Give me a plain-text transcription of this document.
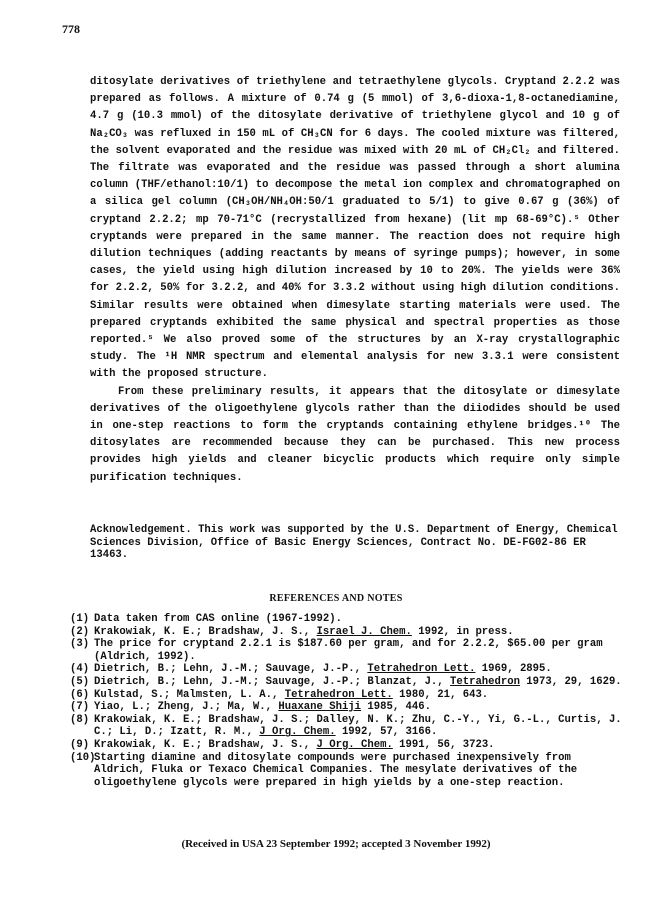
778

ditosylate derivatives of triethylene and tetraethylene glycols. Cryptand 2.2.2 was prepared as follows. A mixture of 0.74 g (5 mmol) of 3,6-dioxa-1,8-octanediamine, 4.7 g (10.3 mmol) of the ditosylate derivative of triethylene glycol and 10 g of Na₂CO₃ was refluxed in 150 mL of CH₃CN for 6 days. The cooled mixture was filtered, the solvent evaporated and the residue was mixed with 20 mL of CH₂Cl₂ and filtered. The filtrate was evaporated and the residue was passed through a short alumina column (THF/ethanol:10/1) to decompose the metal ion complex and chromatographed on a silica gel column (CH₃OH/NH₄OH:50/1 graduated to 5/1) to give 0.67 g (36%) of cryptand 2.2.2; mp 70-71°C (recrystallized from hexane) (lit mp 68-69°C).⁵ Other cryptands were prepared in the same manner. The reaction does not require high dilution techniques (adding reactants by means of syringe pumps); however, in some cases, the yield using high dilution increased by 10 to 20%. The yields were 36% for 2.2.2, 50% for 3.2.2, and 40% for 3.3.2 without using high dilution conditions. Similar results were obtained when dimesylate starting materials were used. The prepared cryptands exhibited the same physical and spectral properties as those reported.⁵ We also proved some of the structures by an X-ray crystallographic study. The ¹H NMR spectrum and elemental analysis for new 3.3.1 were consistent with the proposed structure.

From these preliminary results, it appears that the ditosylate or dimesylate derivatives of the oligoethylene glycols rather than the diiodides should be used in one-step reactions to form the cryptands containing ethylene bridges.¹⁰ The ditosylates are recommended because they can be purchased. This new process provides high yields and cleaner bicyclic products which require only simple purification techniques.

Acknowledgement. This work was supported by the U.S. Department of Energy, Chemical Sciences Division, Office of Basic Energy Sciences, Contract No. DE-FG02-86 ER 13463.
REFERENCES AND NOTES
(1) Data taken from CAS online (1967-1992).
(2) Krakowiak, K. E.; Bradshaw, J. S., Israel J. Chem. 1992, in press.
(3) The price for cryptand 2.2.1 is $187.60 per gram, and for 2.2.2, $65.00 per gram (Aldrich, 1992).
(4) Dietrich, B.; Lehn, J.-M.; Sauvage, J.-P., Tetrahedron Lett. 1969, 2895.
(5) Dietrich, B.; Lehn, J.-M.; Sauvage, J.-P.; Blanzat, J., Tetrahedron 1973, 29, 1629.
(6) Kulstad, S.; Malmsten, L. A., Tetrahedron Lett. 1980, 21, 643.
(7) Yiao, L.; Zheng, J.; Ma, W., Huaxane Shiji 1985, 446.
(8) Krakowiak, K. E.; Bradshaw, J. S.; Dalley, N. K.; Zhu, C.-Y., Yi, G.-L., Curtis, J. C.; Li, D.; Izatt, R. M., J Org. Chem. 1992, 57, 3166.
(9) Krakowiak, K. E.; Bradshaw, J. S., J Org. Chem. 1991, 56, 3723.
(10)
Starting diamine and ditosylate compounds were purchased inexpensively from Aldrich, Fluka or Texaco Chemical Companies. The mesylate derivatives of the oligoethylene glycols were prepared in high yields by a one-step reaction.
(Received in USA 23 September 1992; accepted 3 November 1992)
